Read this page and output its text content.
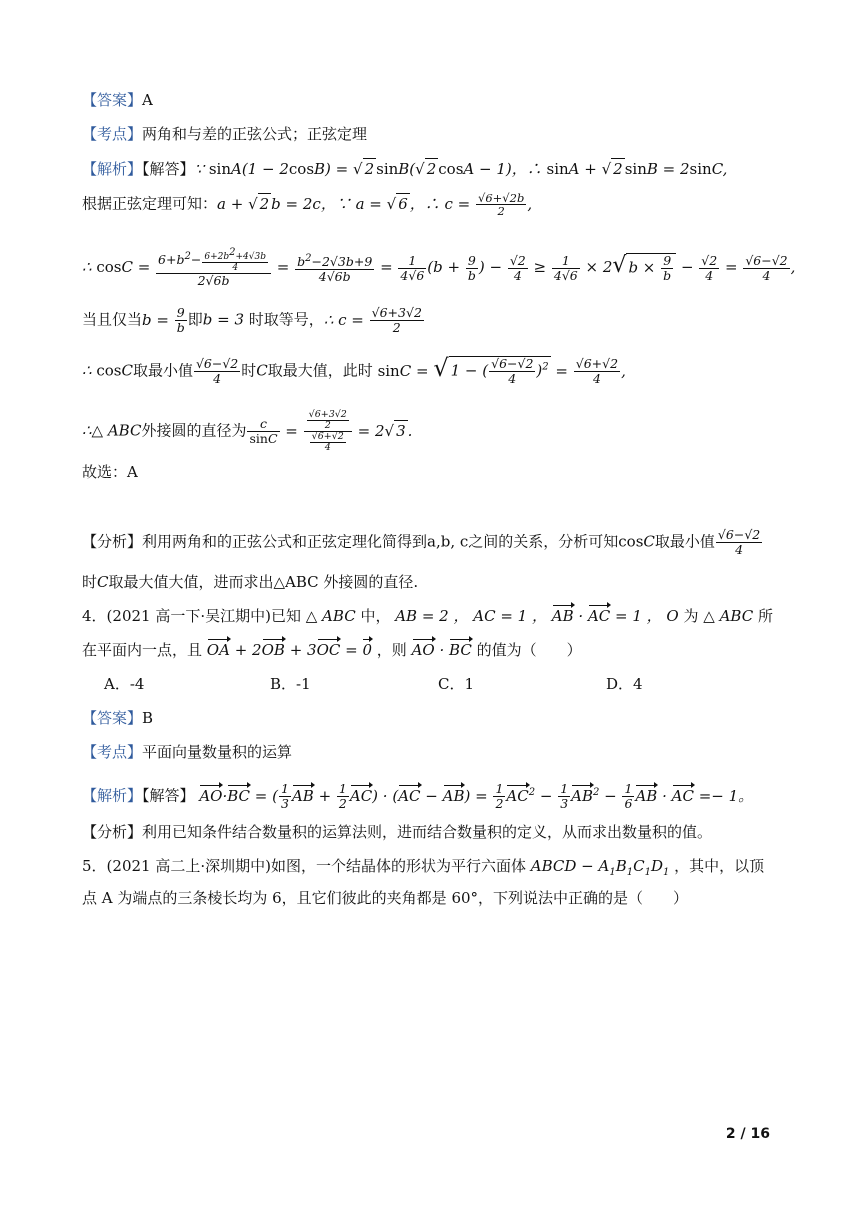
【答案】A
【考点】两角和与差的正弦公式；正弦定理
【解析】【解答】∵ sinA(1 − 2cosB) = √ 2 sinB(√ 2 cosA − 1)，∴ sinA + √ 2 sinB = 2sinC,
根据正弦定理可知：a + √ 2 b = 2c，∵ a = √ 6 ，∴ $c = \frac{√6+√2b}{2}$ ,
∴ $\cos C = \frac{6+b^2- \frac{6+2b^2+4√3b}{4}}{2√6b} = \frac{b^2-2√3b+9}{4√6b} = \frac{1}{4√6} (b + \frac{9}{b}$ ) − $\frac{√2}{4} \ge \frac{1}{4√6} \times 2√$ $b \times \frac{9}{b} - \frac{√2}{4} = \frac{√6-√2}{4}$ ,
当且仅当$b = \frac{9}{b}$ 即b = 3 时取等号，∴ $c = \frac{√6+3√2}{2}$
∴ cosC取最小值 $\frac{√6-√2}{4}$ 时C取最大值，此时 sinC = √ 1 − ( $\frac{√6-√2}{4} )^2 = \frac{√6+√2}{4}$ ,
∴△ ABC外接圆的直径为 $\frac{c}{\sin C} = \frac{\frac{√6+3√2}{2}}{\frac{√6+√2}{4}} = 2√$ 3 .
故选：A
【分析】利用两角和的正弦公式和正弦定理化简得到a,b, c之间的关系，分析可知cosC取最小值 $\frac{√6-√2}{4}$
时C取最大值大值，进而求出△ABC 外接圆的直径.
4．(2021 高一下·吴江期中)已知 △ ABC 中， AB = 2 ， AC = 1 ， AB · AC = 1 ， O 为 △ ABC 所
在平面内一点，且 OA + 2OB + 3OC = 0 ，则 AO · BC 的值为（　　）
A．-4	B．-1	C．1	D．4
【答案】B
【考点】平面向量数量积的运算
【解析】【解答】 AO·BC = ( $\frac{1}{3}$ AB + $\frac{1}{2} AC) \cdot (AC - AB) = \frac{1}{2} AC^2 - \frac{1}{3} AB^2 - \frac{1}{6}$ AB · AC =− 1。
【分析】利用已知条件结合数量积的运算法则，进而结合数量积的定义，从而求出数量积的值。
5．(2021 高二上·深圳期中)如图，一个结晶体的形状为平行六面体 ABCD − $A_1B_1C_1D_1$ ，其中，以顶
点 A 为端点的三条棱长均为 6，且它们彼此的夹角都是 60°，下列说法中正确的是（　　）
2 / 16
